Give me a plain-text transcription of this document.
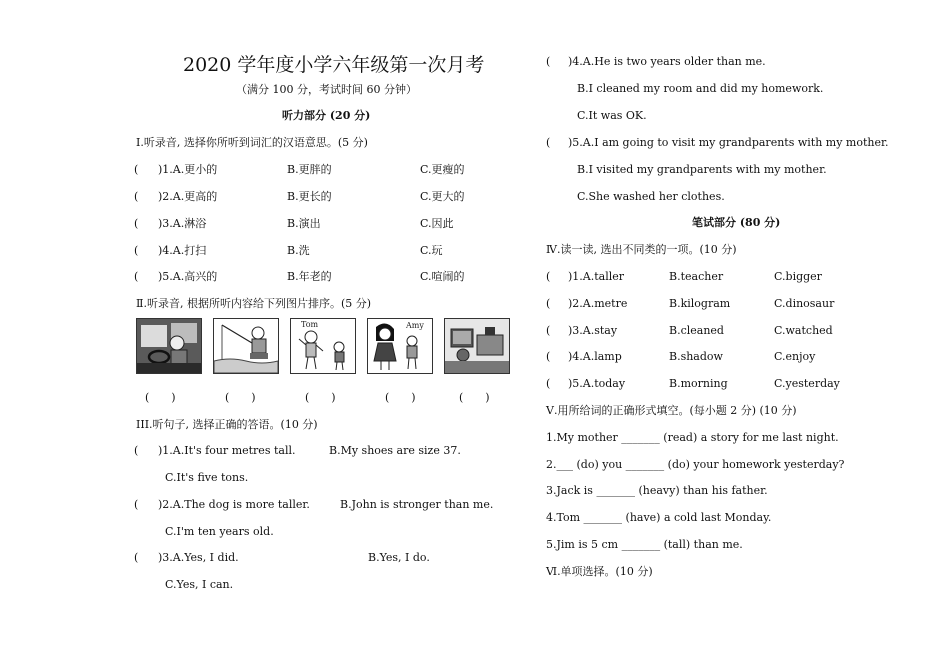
2020 学年度小学六年级第一次月考
（满分 100 分，考试时间 60 分钟）
听力部分 (20 分)
Ⅰ.听录音, 选择你所听到词汇的汉语意思。(5 分)
( )1.A.更小的	B.更胖的	C.更瘦的
( )2.A.更高的	B.更长的	C.更大的
( )3.A.淋浴	B.演出	C.因此
( )4.A.打扫	B.洗	C.玩
( )5.A.高兴的	B.年老的	C.喧闹的
Ⅱ.听录音, 根据所听内容给下列图片排序。(5 分)
Tom	Amy
(　　)	(　　)	(　　)	(　　)	(　　)
III.听句子, 选择正确的答语。(10 分)
( )1.A.It's four metres tall.	B.My shoes are size 37.
C.It's five tons.
( )2.A.The dog is more taller.	B.John is stronger than me.
C.I'm ten years old.
( )3.A.Yes, I did.	B.Yes, I do.
C.Yes, I can.
( )4.A.He is two years older than me.
B.I cleaned my room and did my homework.
C.It was OK.
( )5.A.I am going to visit my grandparents with my mother.
B.I visited my grandparents with my mother.
C.She washed her clothes.
笔试部分 (80 分)
Ⅳ.读一读, 选出不同类的一项。(10 分)
( )1.A.taller	B.teacher	C.bigger
( )2.A.metre	B.kilogram	C.dinosaur
( )3.A.stay	B.cleaned	C.watched
( )4.A.lamp	B.shadow	C.enjoy
( )5.A.today	B.morning	C.yesterday
Ⅴ.用所给词的正确形式填空。(每小题 2 分) (10 分)
1.My mother _______ (read) a story for me last night.
2.___ (do) you _______ (do) your homework yesterday?
3.Jack is _______ (heavy) than his father.
4.Tom _______ (have) a cold last Monday.
5.Jim is 5 cm _______ (tall) than me.
Ⅵ.单项选择。(10 分)
